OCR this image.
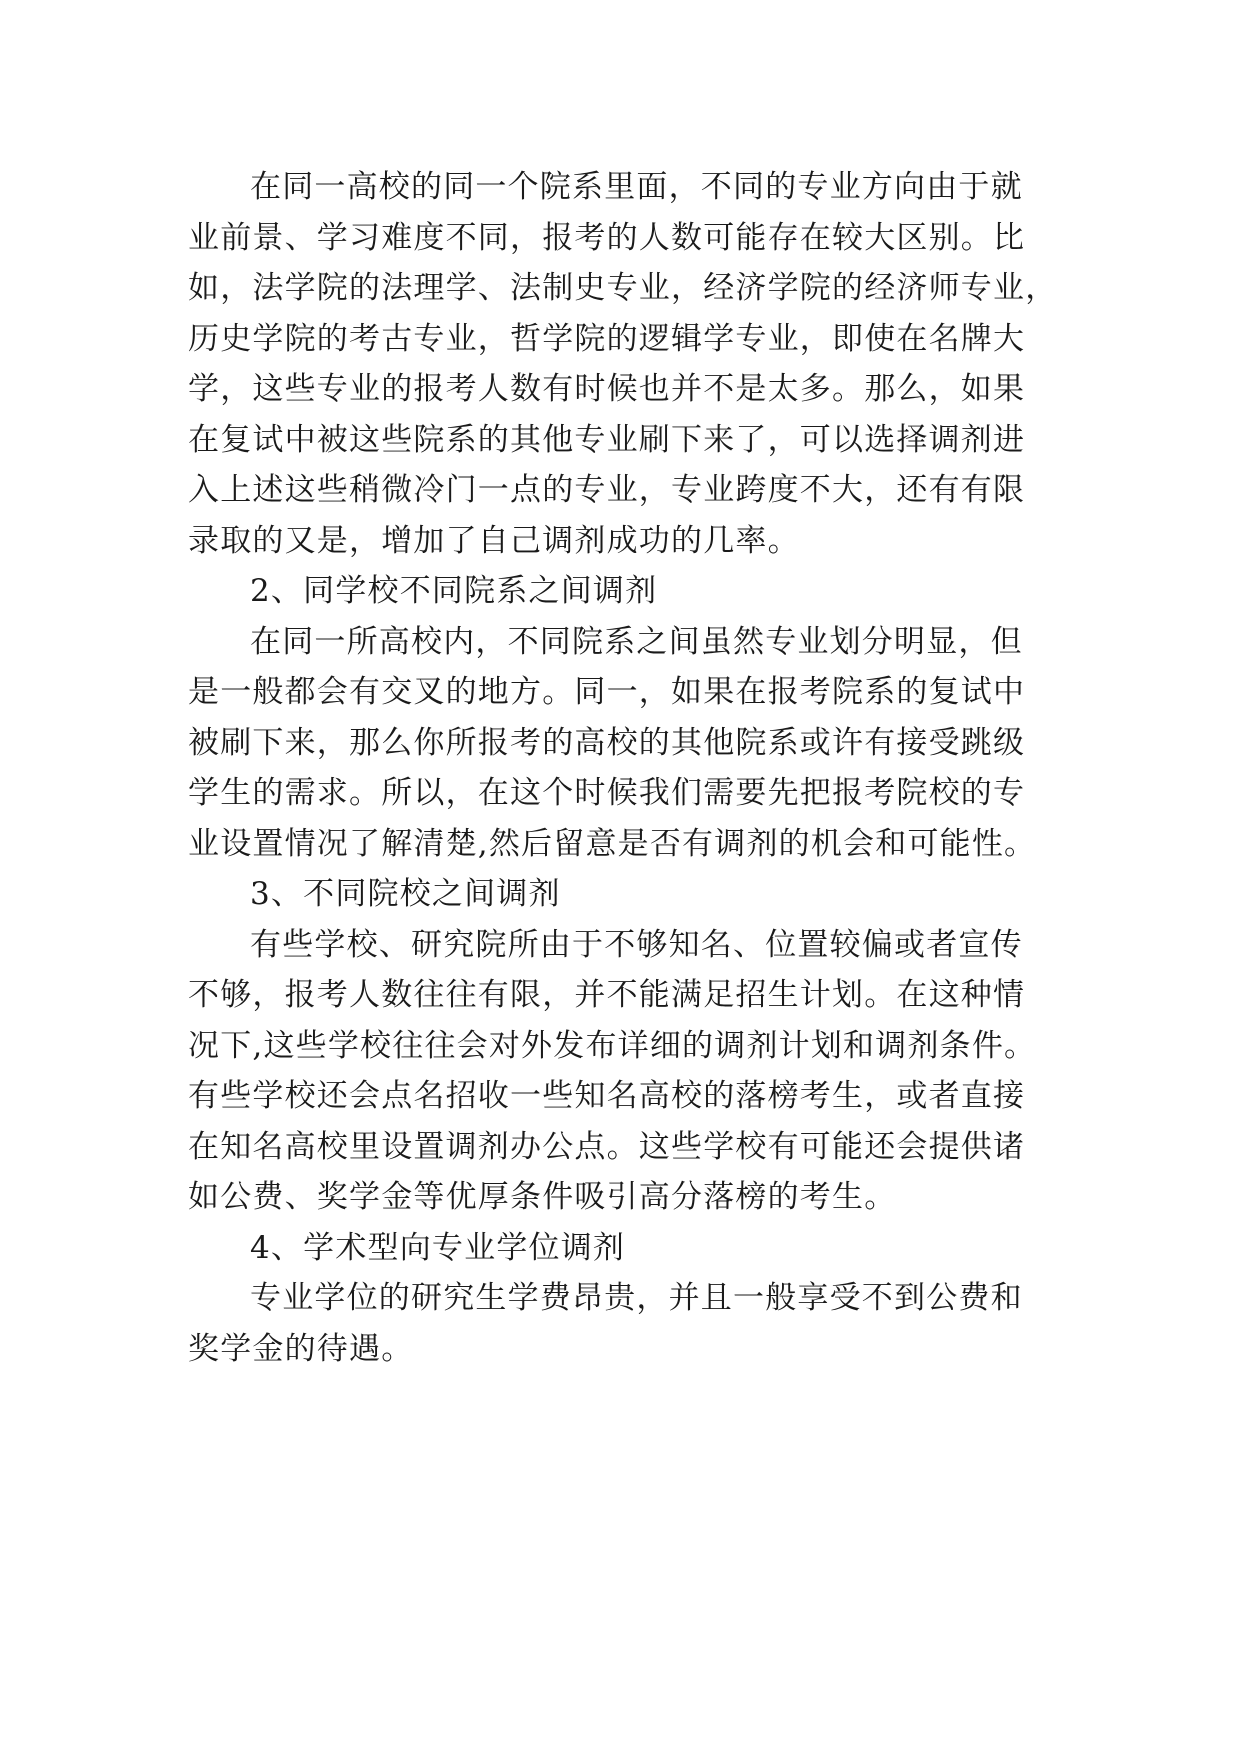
在同一高校的同一个院系里面，不同的专业方向由于就
业前景、学习难度不同，报考的人数可能存在较大区别。比
如，法学院的法理学、法制史专业，经济学院的经济师专业，
历史学院的考古专业，哲学院的逻辑学专业，即使在名牌大
学，这些专业的报考人数有时候也并不是太多。那么，如果
在复试中被这些院系的其他专业刷下来了，可以选择调剂进
入上述这些稍微冷门一点的专业，专业跨度不大，还有有限
录取的又是，增加了自己调剂成功的几率。

2、同学校不同院系之间调剂

在同一所高校内，不同院系之间虽然专业划分明显，但
是一般都会有交叉的地方。同一，如果在报考院系的复试中
被刷下来，那么你所报考的高校的其他院系或许有接受跳级
学生的需求。所以，在这个时候我们需要先把报考院校的专
业设置情况了解清楚,然后留意是否有调剂的机会和可能性。

3、不同院校之间调剂

有些学校、研究院所由于不够知名、位置较偏或者宣传
不够，报考人数往往有限，并不能满足招生计划。在这种情
况下,这些学校往往会对外发布详细的调剂计划和调剂条件。
有些学校还会点名招收一些知名高校的落榜考生，或者直接
在知名高校里设置调剂办公点。这些学校有可能还会提供诸
如公费、奖学金等优厚条件吸引高分落榜的考生。

4、学术型向专业学位调剂

专业学位的研究生学费昂贵，并且一般享受不到公费和
奖学金的待遇。
